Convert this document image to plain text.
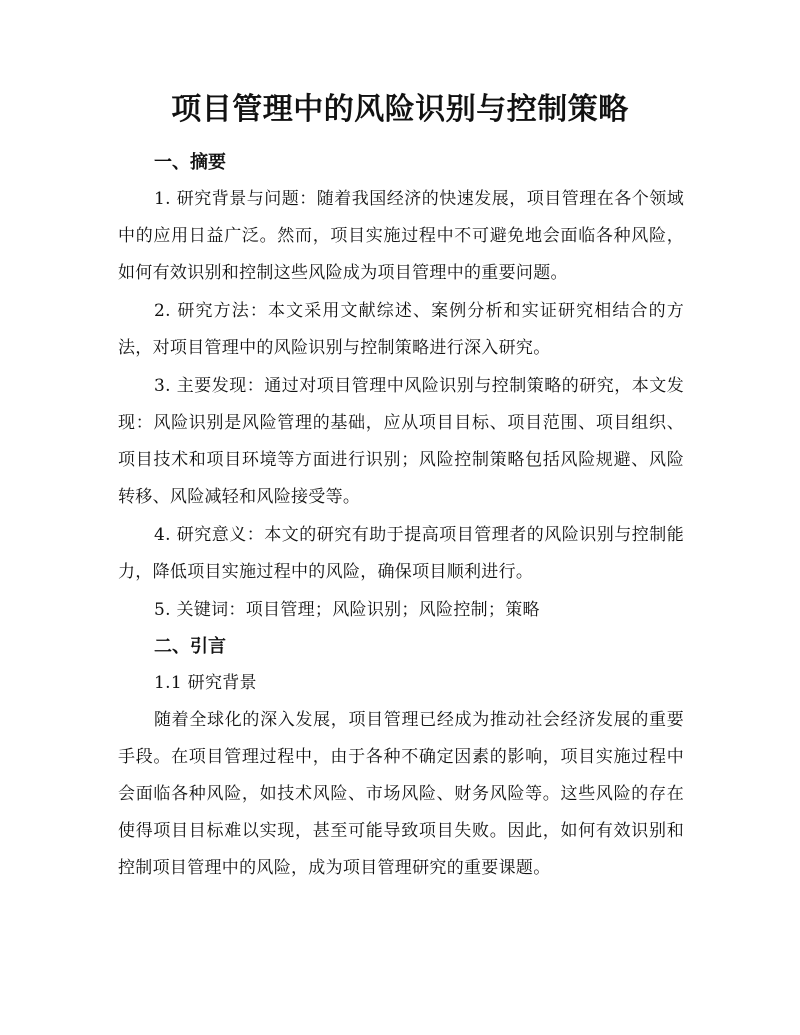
项目管理中的风险识别与控制策略
一、摘要

1. 研究背景与问题：随着我国经济的快速发展，项目管理在各个领域中的应用日益广泛。然而，项目实施过程中不可避免地会面临各种风险，如何有效识别和控制这些风险成为项目管理中的重要问题。

2. 研究方法：本文采用文献综述、案例分析和实证研究相结合的方法，对项目管理中的风险识别与控制策略进行深入研究。

3. 主要发现：通过对项目管理中风险识别与控制策略的研究，本文发现：风险识别是风险管理的基础，应从项目目标、项目范围、项目组织、项目技术和项目环境等方面进行识别；风险控制策略包括风险规避、风险转移、风险减轻和风险接受等。

4. 研究意义：本文的研究有助于提高项目管理者的风险识别与控制能力，降低项目实施过程中的风险，确保项目顺利进行。

5. 关键词：项目管理；风险识别；风险控制；策略

二、引言

1.1 研究背景

随着全球化的深入发展，项目管理已经成为推动社会经济发展的重要手段。在项目管理过程中，由于各种不确定因素的影响，项目实施过程中会面临各种风险，如技术风险、市场风险、财务风险等。这些风险的存在使得项目目标难以实现，甚至可能导致项目失败。因此，如何有效识别和控制项目管理中的风险，成为项目管理研究的重要课题。
